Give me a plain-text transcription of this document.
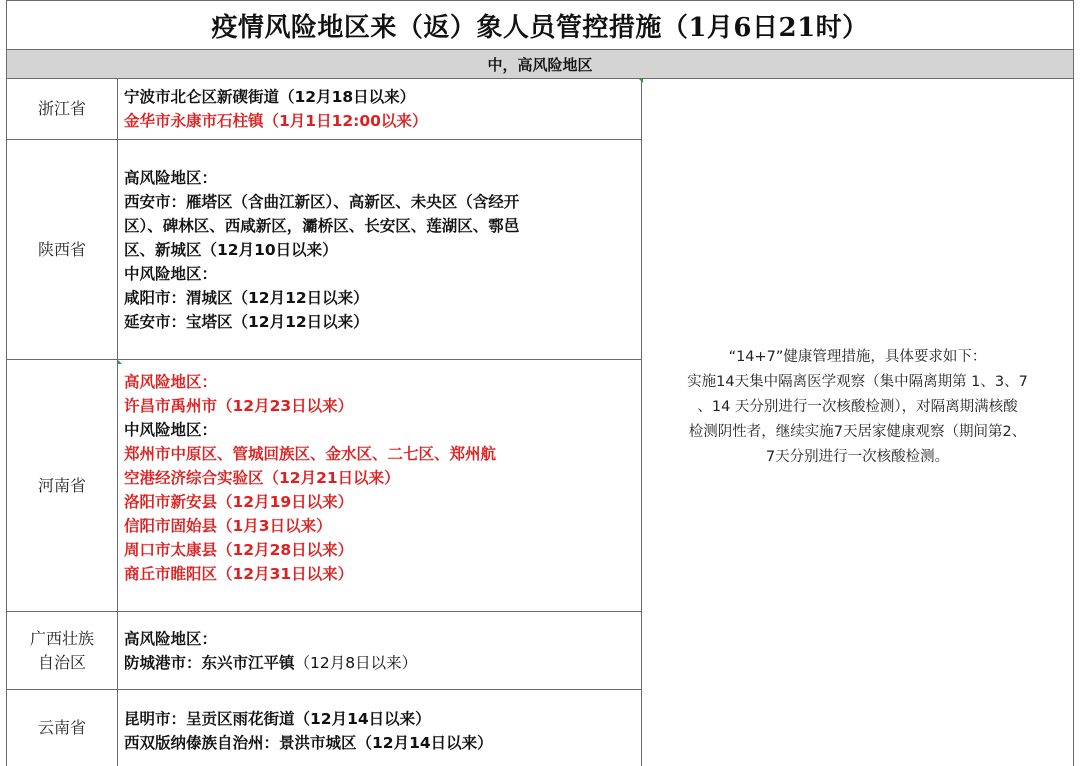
疫情风险地区来（返）象人员管控措施（1月6日21时）
中，高风险地区
浙江省
宁波市北仑区新碶街道（12月18日以来）
金华市永康市石柱镇（1月1日12:00以来）
陕西省
高风险地区：
西安市：雁塔区（含曲江新区）、高新区、未央区（含经开
区）、碑林区、西咸新区，灞桥区、长安区、莲湖区、鄠邑
区、新城区（12月10日以来）
中风险地区：
咸阳市：渭城区（12月12日以来）
延安市：宝塔区（12月12日以来）
河南省
高风险地区：
许昌市禹州市（12月23日以来）
中风险地区：
郑州市中原区、管城回族区、金水区、二七区、郑州航
空港经济综合实验区（12月21日以来）
洛阳市新安县（12月19日以来）
信阳市固始县（1月3日以来）
周口市太康县（12月28日以来）
商丘市睢阳区（12月31日以来）
广西壮族
自治区
高风险地区：
防城港市：东兴市江平镇（12月8日以来）
云南省 昆明市：呈贡区雨花街道（12月14日以来）
西双版纳傣族自治州：景洪市城区（12月14日以来）
“14+7”健康管理措施，具体要求如下：
实施14天集中隔离医学观察（集中隔离期第 1、3、7
、14 天分别进行一次核酸检测），对隔离期满核酸
检测阴性者，继续实施7天居家健康观察（期间第2、
7天分别进行一次核酸检测。
